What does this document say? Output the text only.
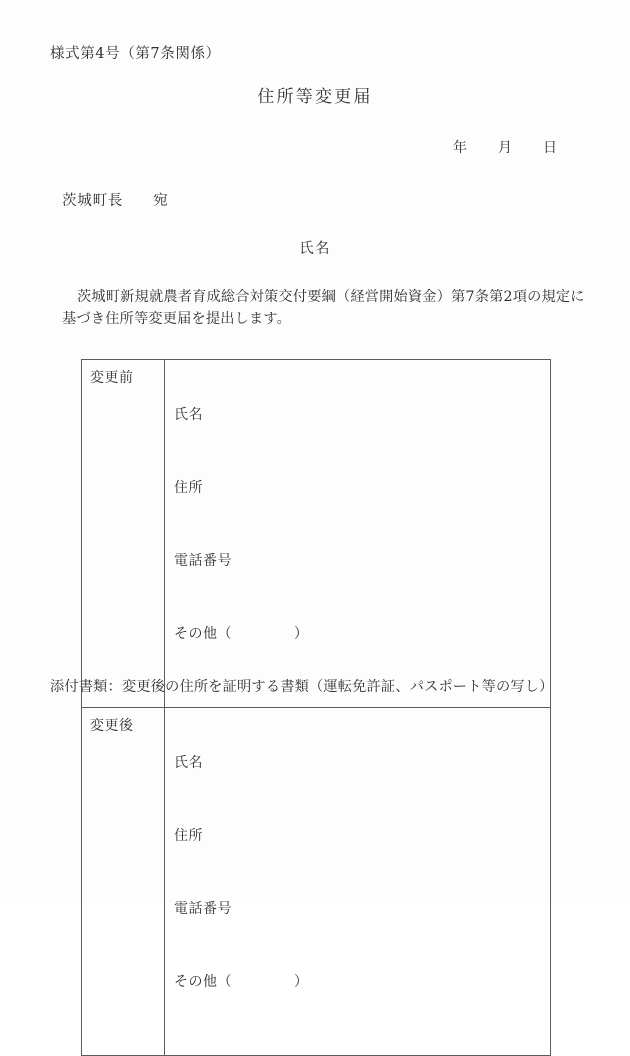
様式第4号（第7条関係）
住所等変更届
年 月 日
茨城町長 宛
氏名
茨城町新規就農者育成総合対策交付要綱（経営開始資金）第7条第2項の規定に
基づき住所等変更届を提出します。
変更前	氏名

住所

電話番号

その他（ ）

変更後	氏名

住所

電話番号

その他（ ）

添付書類：変更後の住所を証明する書類（運転免許証、パスポート等の写し）
